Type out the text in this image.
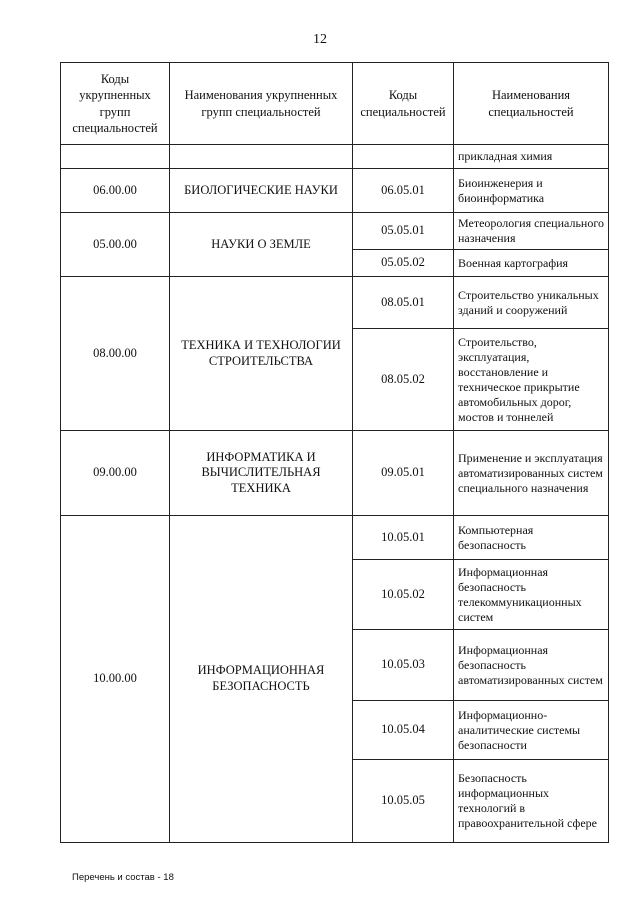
12
Коды укрупненных групп специальностей	Наименования укрупненных групп специальностей	Коды специальностей	Наименования специальностей
			прикладная химия
06.00.00	БИОЛОГИЧЕСКИЕ НАУКИ	06.05.01	Биоинженерия и биоинформатика
05.00.00	НАУКИ О ЗЕМЛЕ	05.05.01	Метеорология специального назначения
		05.05.02	Военная картография
08.00.00	ТЕХНИКА И ТЕХНОЛОГИИ СТРОИТЕЛЬСТВА	08.05.01	Строительство уникальных зданий и сооружений
		08.05.02	Строительство, эксплуатация, восстановление и техническое прикрытие автомобильных дорог, мостов и тоннелей
09.00.00	ИНФОРМАТИКА И ВЫЧИСЛИТЕЛЬНАЯ ТЕХНИКА	09.05.01	Применение и эксплуатация автоматизированных систем специального назначения
10.00.00	ИНФОРМАЦИОННАЯ БЕЗОПАСНОСТЬ	10.05.01	Компьютерная безопасность
		10.05.02	Информационная безопасность телекоммуникационных систем
		10.05.03	Информационная безопасность автоматизированных систем
		10.05.04	Информационно-аналитические системы безопасности
		10.05.05	Безопасность информационных технологий в правоохранительной сфере
Перечень и состав - 18
